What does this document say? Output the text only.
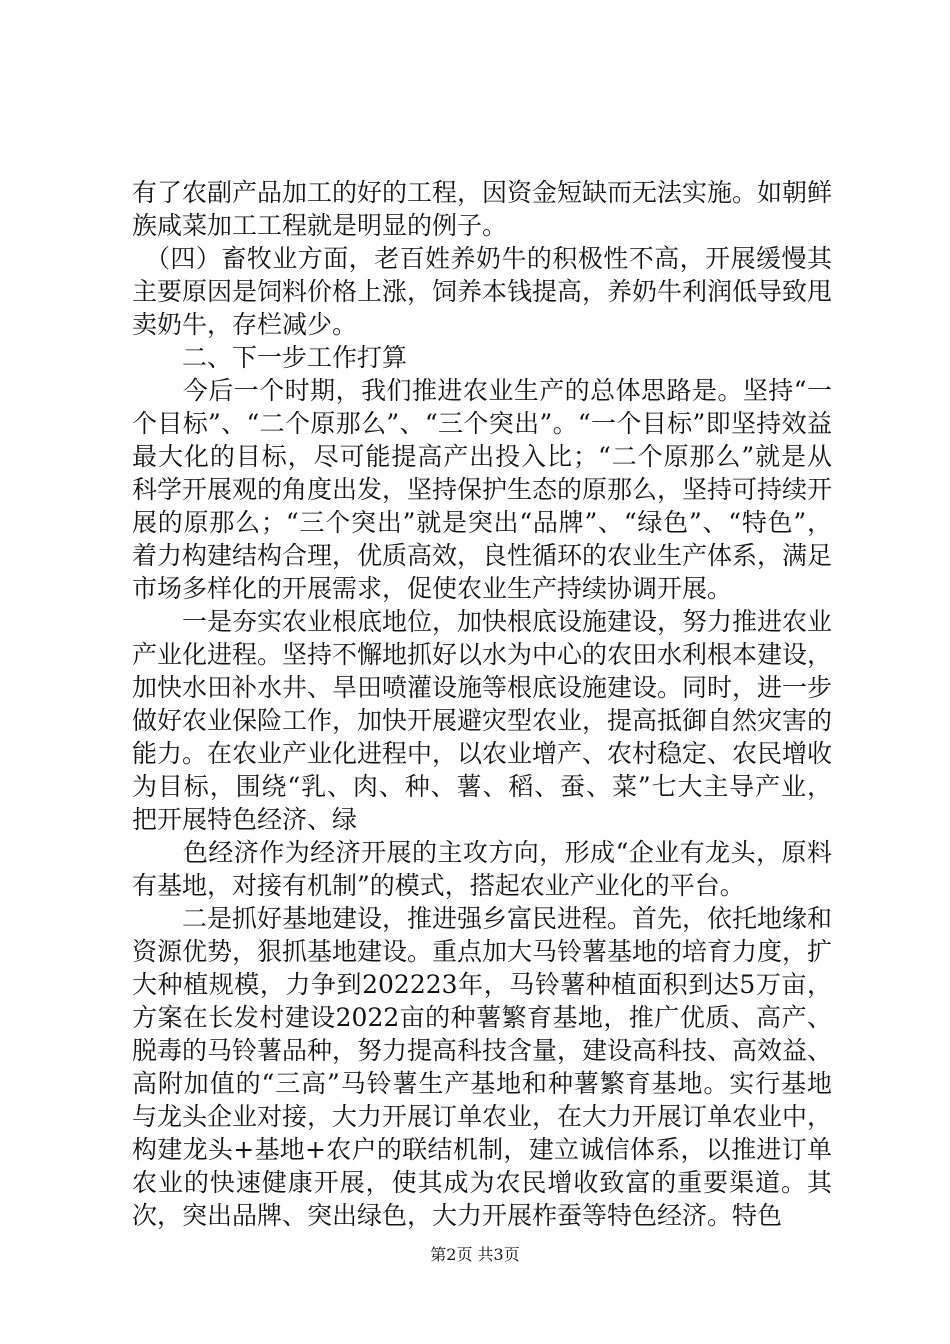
有了农副产品加工的好的工程，因资金短缺而无法实施。如朝鲜族咸菜加工工程就是明显的例子。

　（四）畜牧业方面，老百姓养奶牛的积极性不高，开展缓慢其主要原因是饲料价格上涨，饲养本钱提高，养奶牛利润低导致甩卖奶牛，存栏减少。

　　二、下一步工作打算

　　今后一个时期，我们推进农业生产的总体思路是。坚持“一个目标”、“二个原那么”、“三个突出”。“一个目标”即坚持效益最大化的目标，尽可能提高产出投入比；“二个原那么”就是从科学开展观的角度出发，坚持保护生态的原那么，坚持可持续开展的原那么；“三个突出”就是突出“品牌”、“绿色”、“特色”，着力构建结构合理，优质高效，良性循环的农业生产体系，满足市场多样化的开展需求，促使农业生产持续协调开展。

　　一是夯实农业根底地位，加快根底设施建设，努力推进农业产业化进程。坚持不懈地抓好以水为中心的农田水利根本建设，加快水田补水井、旱田喷灌设施等根底设施建设。同时，进一步做好农业保险工作，加快开展避灾型农业，提高抵御自然灾害的能力。在农业产业化进程中，以农业增产、农村稳定、农民增收为目标，围绕“乳、肉、种、薯、稻、蚕、菜”七大主导产业，把开展特色经济、绿

　　色经济作为经济开展的主攻方向，形成“企业有龙头，原料有基地，对接有机制”的模式，搭起农业产业化的平台。

　　二是抓好基地建设，推进强乡富民进程。首先，依托地缘和资源优势，狠抓基地建设。重点加大马铃薯基地的培育力度，扩大种植规模，力争到202223年，马铃薯种植面积到达5万亩，方案在长发村建设2022亩的种薯繁育基地，推广优质、高产、脱毒的马铃薯品种，努力提高科技含量，建设高科技、高效益、高附加值的“三高”马铃薯生产基地和种薯繁育基地。实行基地与龙头企业对接，大力开展订单农业，在大力开展订单农业中，构建龙头+基地+农户的联结机制，建立诚信体系，以推进订单农业的快速健康开展，使其成为农民增收致富的重要渠道。其次，突出品牌、突出绿色，大力开展柞蚕等特色经济。特色

第2页 共3页
